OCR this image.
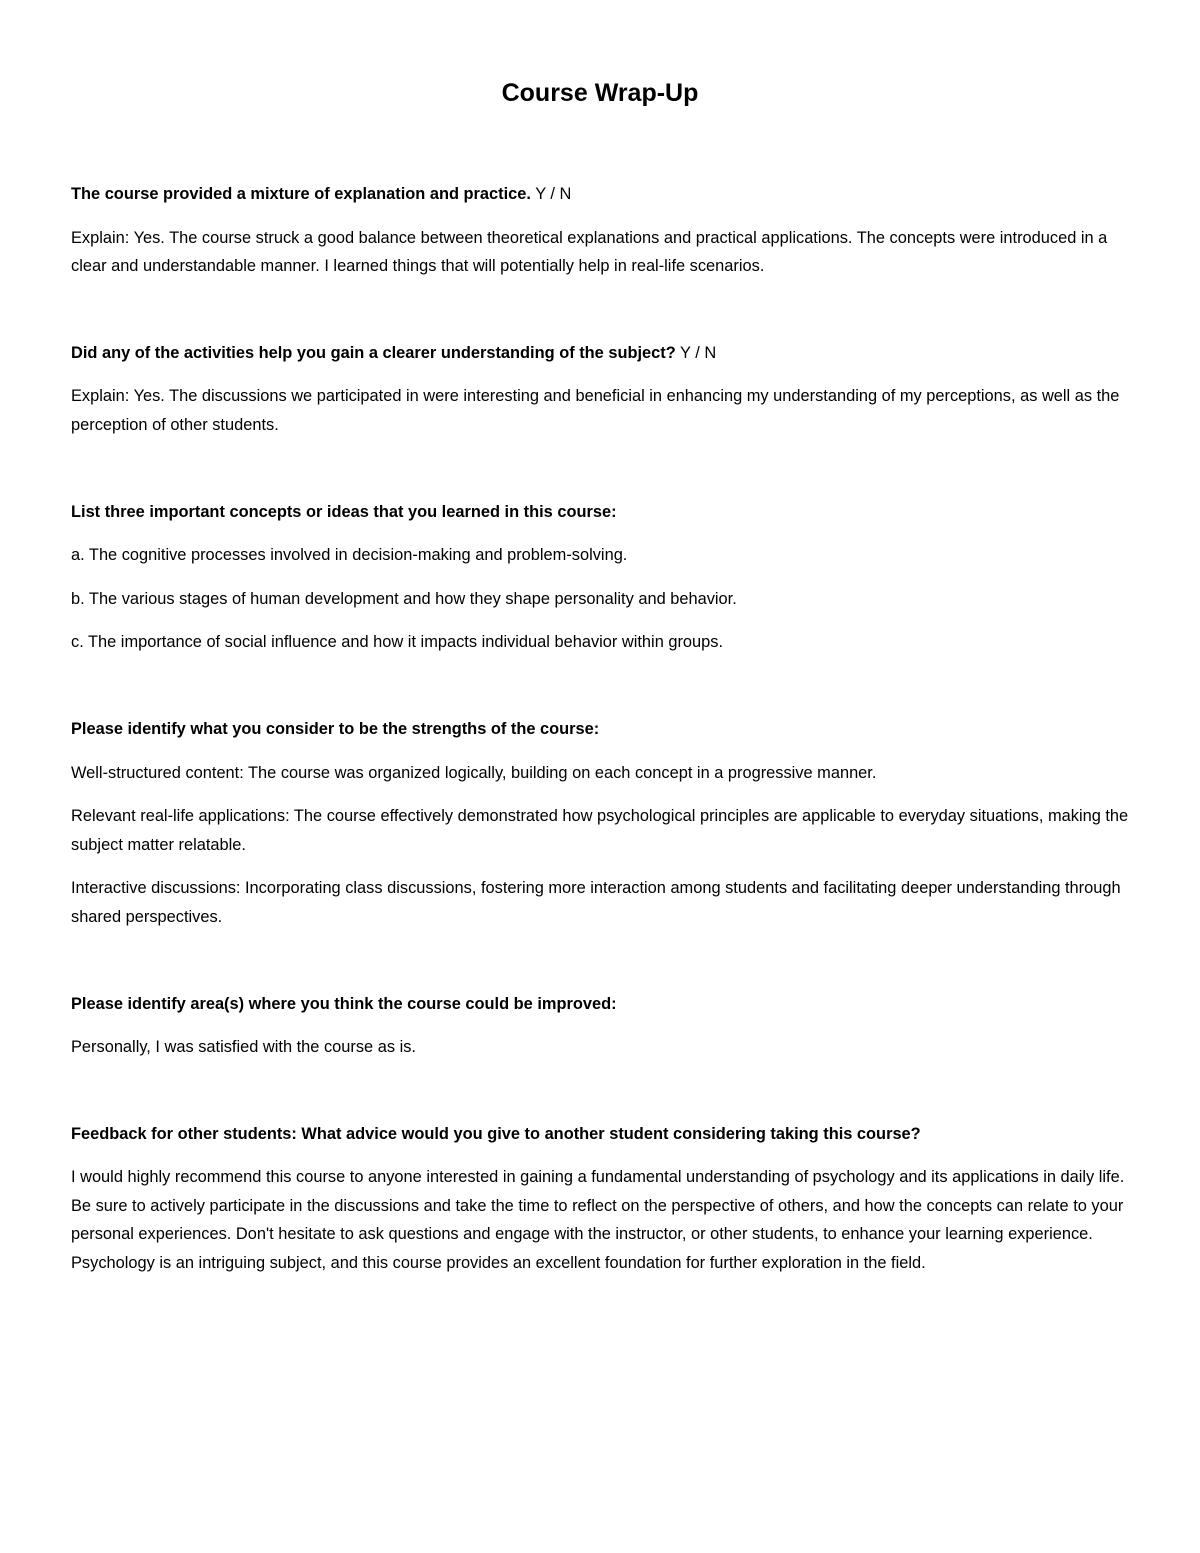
Course Wrap-Up
The course provided a mixture of explanation and practice. Y / N
Explain: Yes. The course struck a good balance between theoretical explanations and practical applications. The concepts were introduced in a clear and understandable manner. I learned things that will potentially help in real-life scenarios.
Did any of the activities help you gain a clearer understanding of the subject? Y / N
Explain: Yes. The discussions we participated in were interesting and beneficial in enhancing my understanding of my perceptions, as well as the perception of other students.
List three important concepts or ideas that you learned in this course:
a. The cognitive processes involved in decision-making and problem-solving.
b. The various stages of human development and how they shape personality and behavior.
c. The importance of social influence and how it impacts individual behavior within groups.
Please identify what you consider to be the strengths of the course:
Well-structured content: The course was organized logically, building on each concept in a progressive manner.
Relevant real-life applications: The course effectively demonstrated how psychological principles are applicable to everyday situations, making the subject matter relatable.
Interactive discussions: Incorporating class discussions, fostering more interaction among students and facilitating deeper understanding through shared perspectives.
Please identify area(s) where you think the course could be improved:
Personally, I was satisfied with the course as is.
Feedback for other students: What advice would you give to another student considering taking this course?
I would highly recommend this course to anyone interested in gaining a fundamental understanding of psychology and its applications in daily life. Be sure to actively participate in the discussions and take the time to reflect on the perspective of others, and how the concepts can relate to your personal experiences. Don't hesitate to ask questions and engage with the instructor, or other students, to enhance your learning experience. Psychology is an intriguing subject, and this course provides an excellent foundation for further exploration in the field.
